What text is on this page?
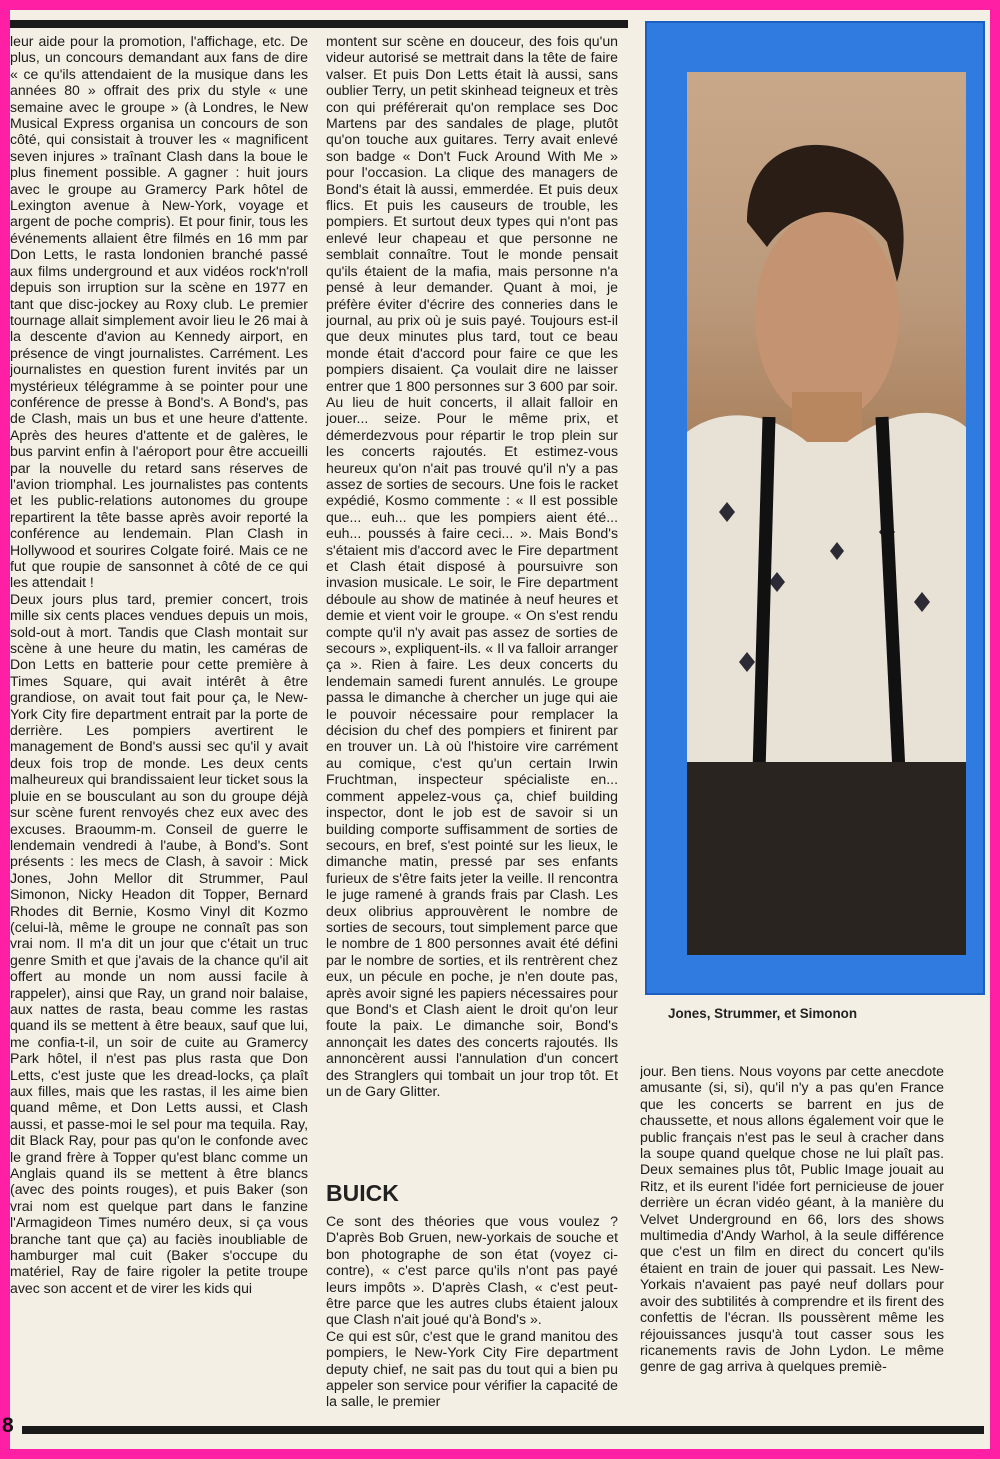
8

leur aide pour la promotion, l'affichage, etc. De plus, un concours demandant aux fans de dire « ce qu'ils attendaient de la musique dans les années 80 » offrait des prix du style « une semaine avec le groupe » (à Londres, le New Musical Express organisa un concours de son côté, qui consistait à trouver les « magnificent seven injures » traînant Clash dans la boue le plus finement possible. A gagner : huit jours avec le groupe au Gramercy Park hôtel de Lexington avenue à New-York, voyage et argent de poche compris). Et pour finir, tous les événements allaient être filmés en 16 mm par Don Letts, le rasta londonien branché passé aux films underground et aux vidéos rock'n'roll depuis son irruption sur la scène en 1977 en tant que disc-jockey au Roxy club. Le premier tournage allait simplement avoir lieu le 26 mai à la descente d'avion au Kennedy airport, en présence de vingt journalistes. Carrément. Les journalistes en question furent invités par un mystérieux télégramme à se pointer pour une conférence de presse à Bond's. A Bond's, pas de Clash, mais un bus et une heure d'attente. Après des heures d'attente et de galères, le bus parvint enfin à l'aéroport pour être accueilli par la nouvelle du retard sans réserves de l'avion triomphal. Les journalistes pas contents et les public-relations autonomes du groupe repartirent la tête basse après avoir reporté la conférence au lendemain. Plan Clash in Hollywood et sourires Colgate foiré. Mais ce ne fut que roupie de sansonnet à côté de ce qui les attendait !

Deux jours plus tard, premier concert, trois mille six cents places vendues depuis un mois, sold-out à mort. Tandis que Clash montait sur scène à une heure du matin, les caméras de Don Letts en batterie pour cette première à Times Square, qui avait intérêt à être grandiose, on avait tout fait pour ça, le New-York City fire department entrait par la porte de derrière. Les pompiers avertirent le management de Bond's aussi sec qu'il y avait deux fois trop de monde. Les deux cents malheureux qui brandissaient leur ticket sous la pluie en se bousculant au son du groupe déjà sur scène furent renvoyés chez eux avec des excuses. Braoumm-m. Conseil de guerre le lendemain vendredi à l'aube, à Bond's. Sont présents : les mecs de Clash, à savoir : Mick Jones, John Mellor dit Strummer, Paul Simonon, Nicky Headon dit Topper, Bernard Rhodes dit Bernie, Kosmo Vinyl dit Kozmo (celui-là, même le groupe ne connaît pas son vrai nom. Il m'a dit un jour que c'était un truc genre Smith et que j'avais de la chance qu'il ait offert au monde un nom aussi facile à rappeler), ainsi que Ray, un grand noir balaise, aux nattes de rasta, beau comme les rastas quand ils se mettent à être beaux, sauf que lui, me confia-t-il, un soir de cuite au Gramercy Park hôtel, il n'est pas plus rasta que Don Letts, c'est juste que les dread-locks, ça plaît aux filles, mais que les rastas, il les aime bien quand même, et Don Letts aussi, et Clash aussi, et passe-moi le sel pour ma tequila. Ray, dit Black Ray, pour pas qu'on le confonde avec le grand frère à Topper qu'est blanc comme un Anglais quand ils se mettent à être blancs (avec des points rouges), et puis Baker (son vrai nom est quelque part dans le fanzine l'Armagideon Times numéro deux, si ça vous branche tant que ça) au faciès inoubliable de hamburger mal cuit (Baker s'occupe du matériel, Ray de faire rigoler la petite troupe avec son accent et de virer les kids qui

montent sur scène en douceur, des fois qu'un videur autorisé se mettrait dans la tête de faire valser. Et puis Don Letts était là aussi, sans oublier Terry, un petit skinhead teigneux et très con qui préférerait qu'on remplace ses Doc Martens par des sandales de plage, plutôt qu'on touche aux guitares. Terry avait enlevé son badge « Don't Fuck Around With Me » pour l'occasion. La clique des managers de Bond's était là aussi, emmerdée. Et puis deux flics. Et puis les causeurs de trouble, les pompiers. Et surtout deux types qui n'ont pas enlevé leur chapeau et que personne ne semblait connaître. Tout le monde pensait qu'ils étaient de la mafia, mais personne n'a pensé à leur demander. Quant à moi, je préfère éviter d'écrire des conneries dans le journal, au prix où je suis payé. Toujours est-il que deux minutes plus tard, tout ce beau monde était d'accord pour faire ce que les pompiers disaient. Ça voulait dire ne laisser entrer que 1 800 personnes sur 3 600 par soir. Au lieu de huit concerts, il allait falloir en jouer... seize. Pour le même prix, et démerdezvous pour répartir le trop plein sur les concerts rajoutés. Et estimez-vous heureux qu'on n'ait pas trouvé qu'il n'y a pas assez de sorties de secours. Une fois le racket expédié, Kosmo commente : « Il est possible que... euh... que les pompiers aient été... euh... poussés à faire ceci... ». Mais Bond's s'étaient mis d'accord avec le Fire department et Clash était disposé à poursuivre son invasion musicale. Le soir, le Fire department déboule au show de matinée à neuf heures et demie et vient voir le groupe. « On s'est rendu compte qu'il n'y avait pas assez de sorties de secours », expliquent-ils. « Il va falloir arranger ça ». Rien à faire. Les deux concerts du lendemain samedi furent annulés. Le groupe passa le dimanche à chercher un juge qui aie le pouvoir nécessaire pour remplacer la décision du chef des pompiers et finirent par en trouver un. Là où l'histoire vire carrément au comique, c'est qu'un certain Irwin Fruchtman, inspecteur spécialiste en... comment appelez-vous ça, chief building inspector, dont le job est de savoir si un building comporte suffisamment de sorties de secours, en bref, s'est pointé sur les lieux, le dimanche matin, pressé par ses enfants furieux de s'être faits jeter la veille. Il rencontra le juge ramené à grands frais par Clash. Les deux olibrius approuvèrent le nombre de sorties de secours, tout simplement parce que le nombre de 1 800 personnes avait été défini par le nombre de sorties, et ils rentrèrent chez eux, un pécule en poche, je n'en doute pas, après avoir signé les papiers nécessaires pour que Bond's et Clash aient le droit qu'on leur foute la paix. Le dimanche soir, Bond's annonçait les dates des concerts rajoutés. Ils annoncèrent aussi l'annulation d'un concert des Stranglers qui tombait un jour trop tôt. Et un de Gary Glitter.

BUICK

Ce sont des théories que vous voulez ? D'après Bob Gruen, new-yorkais de souche et bon photographe de son état (voyez ci-contre), « c'est parce qu'ils n'ont pas payé leurs impôts ». D'après Clash, « c'est peut-être parce que les autres clubs étaient jaloux que Clash n'ait joué qu'à Bond's ».

Ce qui est sûr, c'est que le grand manitou des pompiers, le New-York City Fire department deputy chief, ne sait pas du tout qui a bien pu appeler son service pour vérifier la capacité de la salle, le premier

Jones, Strummer, et Simonon

jour. Ben tiens. Nous voyons par cette anecdote amusante (si, si), qu'il n'y a pas qu'en France que les concerts se barrent en jus de chaussette, et nous allons également voir que le public français n'est pas le seul à cracher dans la soupe quand quelque chose ne lui plaît pas. Deux semaines plus tôt, Public Image jouait au Ritz, et ils eurent l'idée fort pernicieuse de jouer derrière un écran vidéo géant, à la manière du Velvet Underground en 66, lors des shows multimedia d'Andy Warhol, à la seule différence que c'est un film en direct du concert qu'ils étaient en train de jouer qui passait. Les New-Yorkais n'avaient pas payé neuf dollars pour avoir des subtilités à comprendre et ils firent des confettis de l'écran. Ils poussèrent même les réjouissances jusqu'à tout casser sous les ricanements ravis de John Lydon. Le même genre de gag arriva à quelques premiè-
